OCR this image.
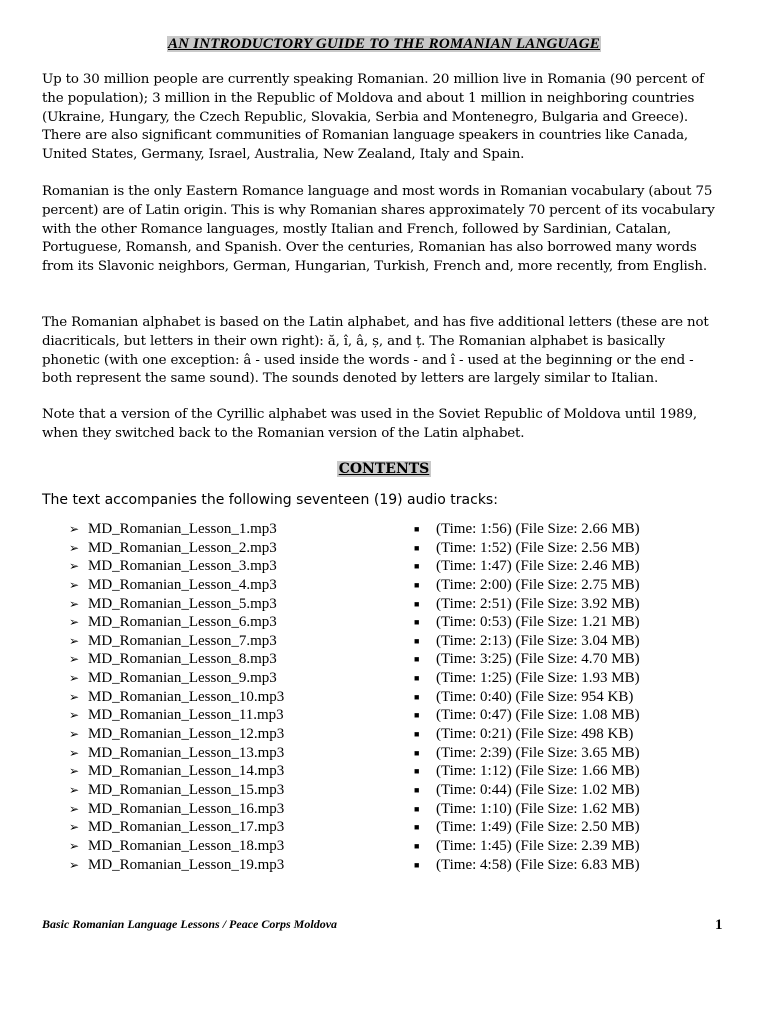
AN INTRODUCTORY GUIDE TO THE ROMANIAN LANGUAGE
Up to 30 million people are currently speaking Romanian. 20 million live in Romania (90 percent of the population); 3 million in the Republic of Moldova and about 1 million in neighboring countries (Ukraine, Hungary, the Czech Republic, Slovakia, Serbia and Montenegro, Bulgaria and Greece). There are also significant communities of Romanian language speakers in countries like Canada, United States, Germany, Israel, Australia, New Zealand, Italy and Spain.
Romanian is the only Eastern Romance language and most words in Romanian vocabulary (about 75 percent) are of Latin origin. This is why Romanian shares approximately 70 percent of its vocabulary with the other Romance languages, mostly Italian and French, followed by Sardinian, Catalan, Portuguese, Romansh, and Spanish. Over the centuries, Romanian has also borrowed many words from its Slavonic neighbors, German, Hungarian, Turkish, French and, more recently, from English.
The Romanian alphabet is based on the Latin alphabet, and has five additional letters (these are not diacriticals, but letters in their own right): ă, î, â, ș, and ț. The Romanian alphabet is basically phonetic (with one exception: â - used inside the words - and î - used at the beginning or the end - both represent the same sound). The sounds denoted by letters are largely similar to Italian.
Note that a version of the Cyrillic alphabet was used in the Soviet Republic of Moldova until 1989, when they switched back to the Romanian version of the Latin alphabet.
CONTENTS
The text accompanies the following seventeen (19) audio tracks:
➢ MD_Romanian_Lesson_1.mp3	■ (Time: 1:56) (File Size: 2.66 MB)
➢ MD_Romanian_Lesson_2.mp3	■ (Time: 1:52) (File Size: 2.56 MB)
➢ MD_Romanian_Lesson_3.mp3	■ (Time: 1:47) (File Size: 2.46 MB)
➢ MD_Romanian_Lesson_4.mp3	■ (Time: 2:00) (File Size: 2.75 MB)
➢ MD_Romanian_Lesson_5.mp3	■ (Time: 2:51) (File Size: 3.92 MB)
➢ MD_Romanian_Lesson_6.mp3	■ (Time: 0:53) (File Size: 1.21 MB)
➢ MD_Romanian_Lesson_7.mp3	■ (Time: 2:13) (File Size: 3.04 MB)
➢ MD_Romanian_Lesson_8.mp3	■ (Time: 3:25) (File Size: 4.70 MB)
➢ MD_Romanian_Lesson_9.mp3	■ (Time: 1:25) (File Size: 1.93 MB)
➢ MD_Romanian_Lesson_10.mp3	■ (Time: 0:40) (File Size: 954 KB)
➢ MD_Romanian_Lesson_11.mp3	■ (Time: 0:47) (File Size: 1.08 MB)
➢ MD_Romanian_Lesson_12.mp3	■ (Time: 0:21) (File Size: 498 KB)
➢ MD_Romanian_Lesson_13.mp3	■ (Time: 2:39) (File Size: 3.65 MB)
➢ MD_Romanian_Lesson_14.mp3	■ (Time: 1:12) (File Size: 1.66 MB)
➢ MD_Romanian_Lesson_15.mp3	■ (Time: 0:44) (File Size: 1.02 MB)
➢ MD_Romanian_Lesson_16.mp3	■ (Time: 1:10) (File Size: 1.62 MB)
➢ MD_Romanian_Lesson_17.mp3	■ (Time: 1:49) (File Size: 2.50 MB)
➢ MD_Romanian_Lesson_18.mp3	■ (Time: 1:45) (File Size: 2.39 MB)
➢ MD_Romanian_Lesson_19.mp3	■ (Time: 4:58) (File Size: 6.83 MB)
Basic Romanian Language Lessons / Peace Corps Moldova	1
